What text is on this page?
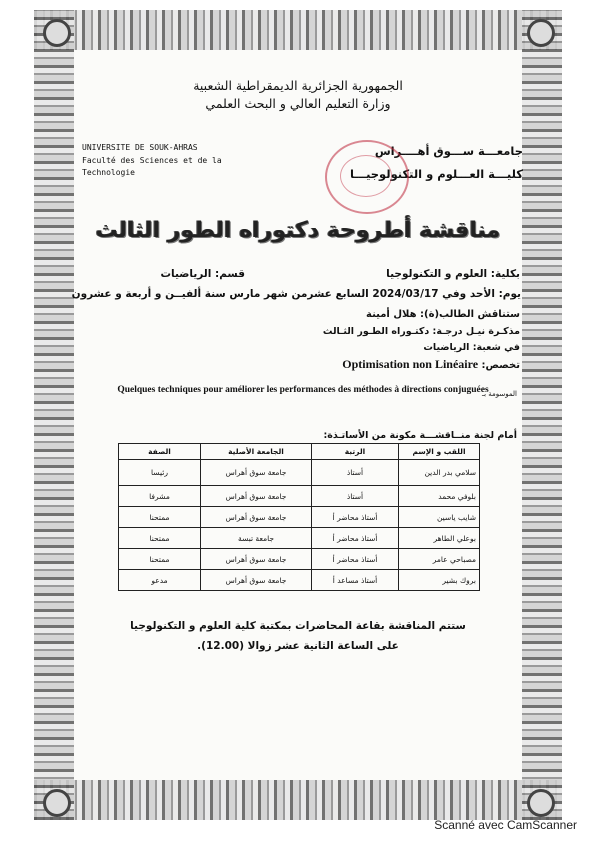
الجمهورية الجزائرية الديمقراطية الشعبية
وزارة التعليم العالي و البحث العلمي
UNIVERSITE DE SOUK-AHRAS
Faculté des Sciences et de la
Technologie
جامعـــة ســـوق أهــــراس
كليـــة العـــلوم و التكنولوجيـــا
مناقشة أطروحة دكتوراه الطور الثالث
بكلية: العلوم و التكنولوجيا
قسم: الرياضيات
يوم: الأحد وفي 2024/03/17 السابع عشرمن شهر مارس سنة ألفيــن و أربعة و عشرون
ستناقش الطالب(ة): هلال أمينة
مذكـرة نيـل درجـة: دكتـوراه الطـور الثـالث
في شعبة: الرياضيات
تخصص: Optimisation non Linéaire
الموسومة بـ
Quelques techniques pour améliorer les performances des méthodes à directions conjuguées
أمام لجنة منــاقشـــة مكونة من الأساتـذة:
اللقب و الإسم	الرتبة	الجامعة الأصلية	الصفة
سلامي بدر الدين	أستاذ	جامعة سوق أهراس	رئيسا
بلوفي محمد	أستاذ	جامعة سوق أهراس	مشرفا
شايب ياسين	أستاذ محاضر أ	جامعة سوق أهراس	ممتحنا
بوعلي الطاهر	أستاذ محاضر أ	جامعة تبسة	ممتحنا
مصباحي عامر	أستاذ محاضر أ	جامعة سوق أهراس	ممتحنا
بروك بشير	أستاذ مساعد أ	جامعة سوق أهراس	مدعو
ستتم المناقشة بقاعة المحاضرات بمكتبة كلية العلوم و التكنولوجيا
على الساعة الثانية عشر زوالا (12.00).
Scanné avec CamScanner
